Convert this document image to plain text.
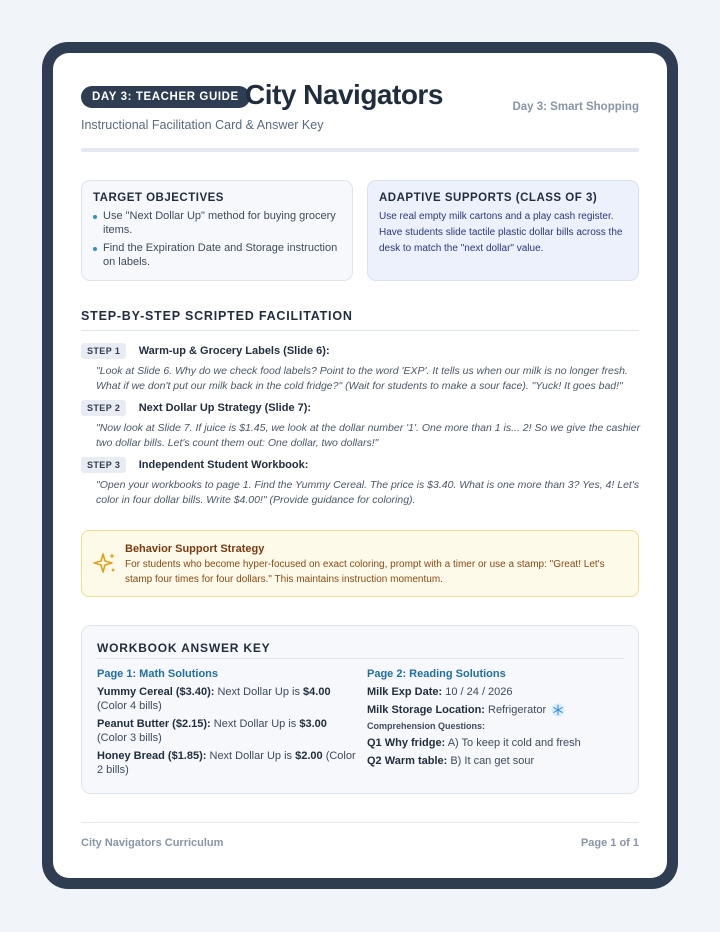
DAY 3: TEACHER GUIDE City Navigators	Day 3: Smart Shopping
Instructional Facilitation Card & Answer Key
TARGET OBJECTIVES
Use "Next Dollar Up" method for buying grocery items.
Find the Expiration Date and Storage instruction on labels.
ADAPTIVE SUPPORTS (CLASS OF 3)
Use real empty milk cartons and a play cash register. Have students slide tactile plastic dollar bills across the desk to match the "next dollar" value.
STEP-BY-STEP SCRIPTED FACILITATION
STEP 1 Warm-up & Grocery Labels (Slide 6):
"Look at Slide 6. Why do we check food labels? Point to the word 'EXP'. It tells us when our milk is no longer fresh. What if we don't put our milk back in the cold fridge?" (Wait for students to make a sour face). "Yuck! It goes bad!"
STEP 2 Next Dollar Up Strategy (Slide 7):
"Now look at Slide 7. If juice is $1.45, we look at the dollar number '1'. One more than 1 is... 2! So we give the cashier two dollar bills. Let's count them out: One dollar, two dollars!"
STEP 3 Independent Student Workbook:
"Open your workbooks to page 1. Find the Yummy Cereal. The price is $3.40. What is one more than 3? Yes, 4! Let's color in four dollar bills. Write $4.00!" (Provide guidance for coloring).
Behavior Support Strategy
For students who become hyper-focused on exact coloring, prompt with a timer or use a stamp: "Great! Let's stamp four times for four dollars." This maintains instruction momentum.
WORKBOOK ANSWER KEY
Page 1: Math Solutions
Yummy Cereal ($3.40): Next Dollar Up is $4.00 (Color 4 bills)
Peanut Butter ($2.15): Next Dollar Up is $3.00 (Color 3 bills)
Honey Bread ($1.85): Next Dollar Up is $2.00 (Color 2 bills)
Page 2: Reading Solutions
Milk Exp Date: 10 / 24 / 2026
Milk Storage Location: Refrigerator
Comprehension Questions:
Q1 Why fridge: A) To keep it cold and fresh
Q2 Warm table: B) It can get sour
City Navigators Curriculum	Page 1 of 1
